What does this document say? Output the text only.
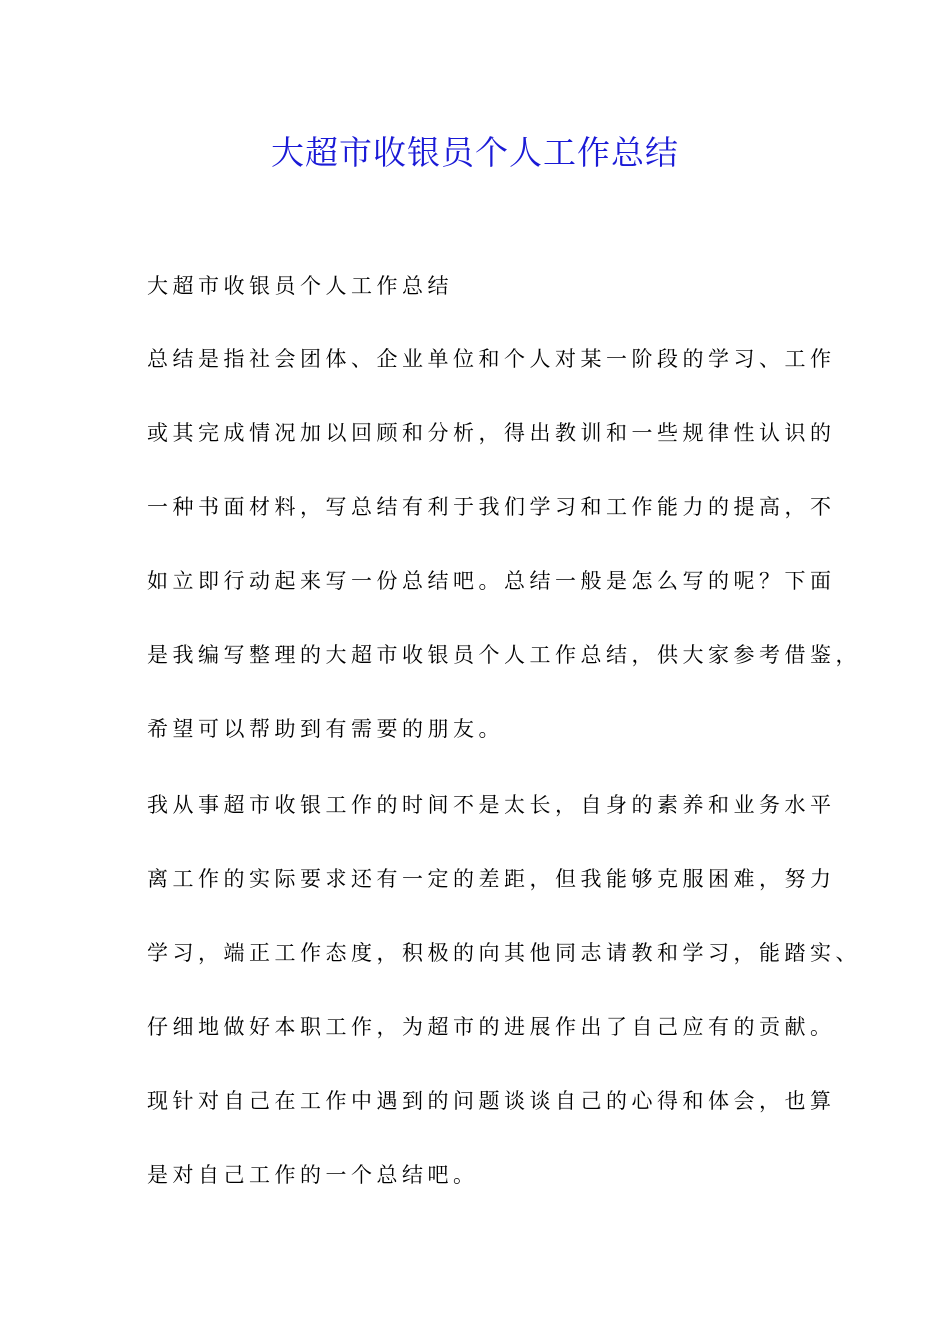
大超市收银员个人工作总结

大超市收银员个人工作总结

总结是指社会团体、企业单位和个人对某一阶段的学习、工作
或其完成情况加以回顾和分析，得出教训和一些规律性认识的
一种书面材料，写总结有利于我们学习和工作能力的提高，不
如立即行动起来写一份总结吧。总结一般是怎么写的呢？下面
是我编写整理的大超市收银员个人工作总结，供大家参考借鉴，
希望可以帮助到有需要的朋友。
我从事超市收银工作的时间不是太长，自身的素养和业务水平
离工作的实际要求还有一定的差距，但我能够克服困难，努力
学习，端正工作态度，积极的向其他同志请教和学习，能踏实、
仔细地做好本职工作，为超市的进展作出了自己应有的贡献。
现针对自己在工作中遇到的问题谈谈自己的心得和体会，也算
是对自己工作的一个总结吧。
